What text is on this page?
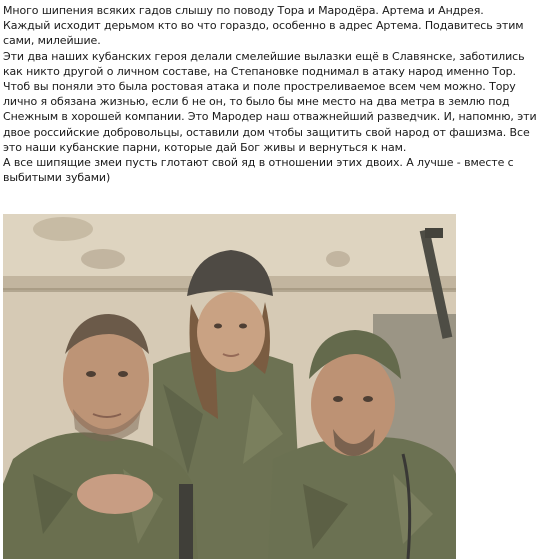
Много шипения всяких гадов слышу по поводу Тора и Мародёра. Артема и Андрея.

Каждый исходит дерьмом кто во что гораздо, особенно в адрес Артема. Подавитесь этим сами, милейшие.

Эти два наших кубанских героя делали смелейшие вылазки ещё в Славянске, заботились как никто другой о личном составе, на Степановке поднимал в атаку народ именно Тор. Чтоб вы поняли это была ростовая атака и поле простреливаемое всем чем можно. Тору лично я обязана жизнью, если б не он, то было бы мне место на два метра в землю под Снежным в хорошей компании. Это Мародер наш отважнейший разведчик. И, напомню, эти двое российские добровольцы, оставили дом чтобы защитить свой народ от фашизма. Все это наши кубанские парни, которые дай Бог живы и вернуться к нам.

А все шипящие змеи пусть глотают свой яд в отношении этих двоих. А лучше - вместе с выбитыми зубами)
